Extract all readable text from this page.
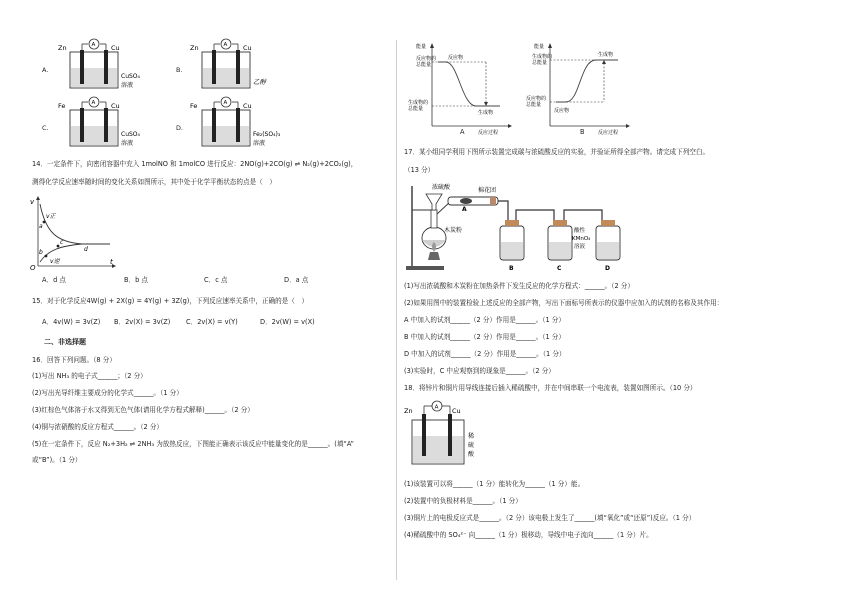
A.
A
Zn	Cu
CuSO₄
溶液
B.
A
Zn	Cu
乙醇
C.
A
Fe	Cu
CuSO₄
溶液
D.
A
Fe	Cu
Fe₂(SO₄)₃
溶液
14．一定条件下，向密闭容器中充入 1molNO 和 1molCO 进行反应：2NO(g)+2CO(g) ⇌ N₂(g)+2CO₂(g)，
测得化学反应速率随时间的变化关系如图所示，其中处于化学平衡状态的点是（　）
v
t
O
v正
v逆
a
b
c
d
A．d 点	B．b 点	C．c 点	D．a 点
15．对于化学反应4W(g) + 2X(g) = 4Y(g) + 3Z(g)，下列反应速率关系中，正确的是（　）
A．4v(W) = 3v(Z) B．2v(X) = 3v(Z) C．2v(X) = v(Y)	D．2v(W) = v(X)
二、非选择题
16．回答下列问题。（8 分）
(1)写出 NH₃ 的电子式______；（2 分）
(2)写出光导纤维主要成分的化学式______。（1 分）
(3)红棕色气体溶于水又得到无色气体(请用化学方程式解释)______。（2 分）
(4)铜与浓硝酸的反应方程式______。（2 分）
(5)在一定条件下，反应 N₂+3H₂ ⇌ 2NH₃ 为放热反应，下图能正确表示该反应中能量变化的是______。(填“A”
或“B”)。（1 分）
能量
反应物的
总能量
反应物
生成物的
总能量
生成物
反应过程
A
能量
生成物的
总能量
生成物
反应物的
总能量
反应物
反应过程
B
17．某小组同学利用下图所示装置完成碳与浓硫酸反应的实验，并验证所得全部产物。请完成下列空白。
（13 分）
浓硫酸	棉花团
A
木炭粉
B	C	D
酸性
KMnO₄
溶液
(1)写出浓硫酸和木炭粉在加热条件下发生反应的化学方程式：______。（2 分）
(2)如果用图中的装置检验上述反应的全部产物，写出下面标号所表示的仪器中应加入的试剂的名称及其作用：
A 中加入的试剂______（2 分）作用是______。（1 分）
B 中加入的试剂______（2 分）作用是______。（1 分）
D 中加入的试剂______（2 分）作用是______。（1 分）
(3)实验时，C 中应观察到的现象是______。（2 分）
18．将锌片和铜片用导线连接后插入稀硫酸中，并在中间串联一个电流表，装置如图所示。（10 分）
A
Zn	Cu
稀
硫
酸
(1)该装置可以将______（1 分）能转化为______（1 分）能。
(2)装置中的负极材料是______。（1 分）
(3)铜片上的电极反应式是______。（2 分）该电极上发生了______(填“氧化”或“还原”)反应。（1 分）
(4)稀硫酸中的 SO₄²⁻ 向______（1 分）极移动，导线中电子流向______（1 分）片。
